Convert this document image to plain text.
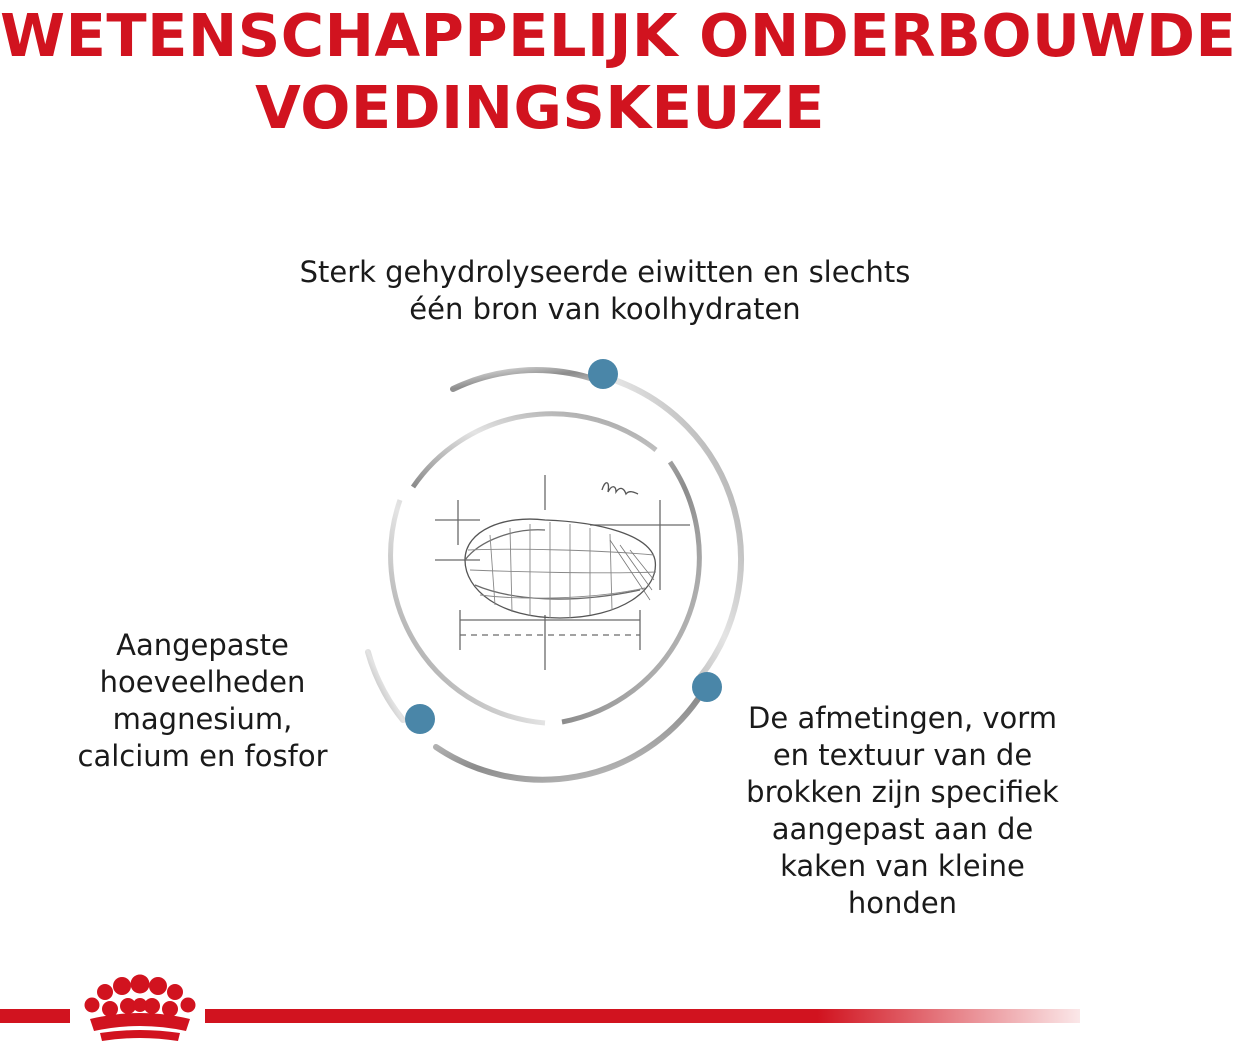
WETENSCHAPPELIJK ONDERBOUWDE
VOEDINGSKEUZE

Sterk gehydrolyseerde eiwitten en slechts
één bron van koolhydraten

Aangepaste
hoeveelheden
magnesium,
calcium en fosfor

De afmetingen, vorm
en textuur van de
brokken zijn specifiek
aangepast aan de
kaken van kleine
honden
